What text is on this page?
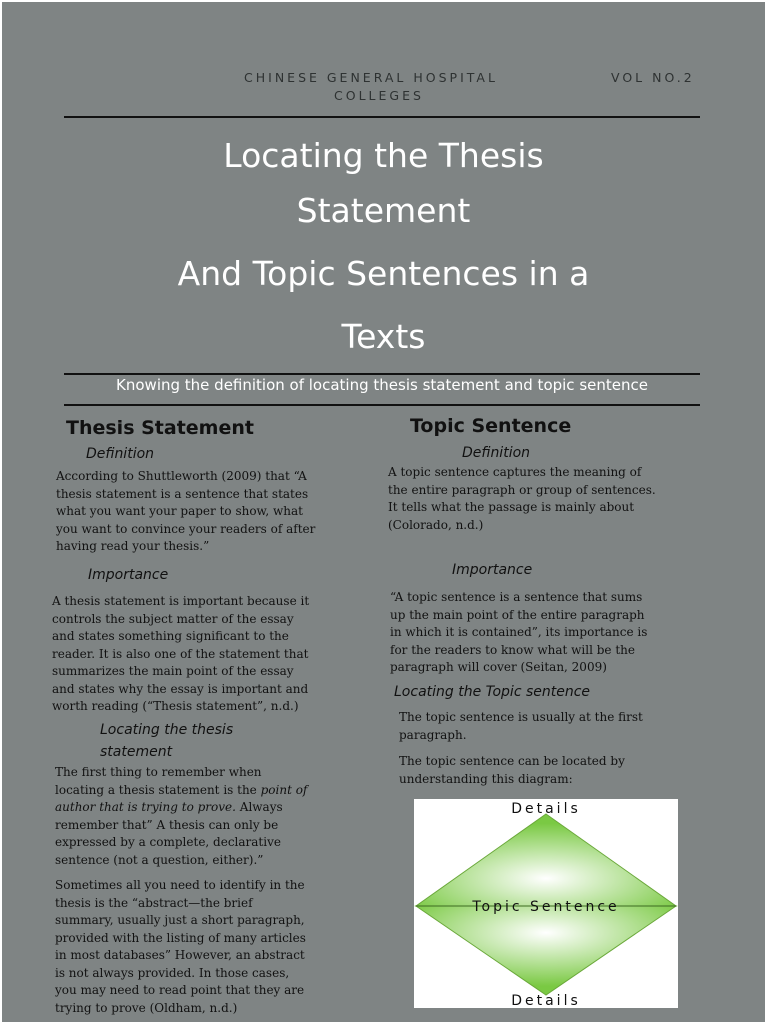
CHINESE GENERAL HOSPITAL
COLLEGES
VOL NO.2
Locating the Thesis
Statement
And Topic Sentences in a
Texts
Knowing the definition of locating thesis statement and topic sentence
Thesis Statement
Definition
According to Shuttleworth (2009) that “A
thesis statement is a sentence that states
what you want your paper to show, what
you want to convince your readers of after
having read your thesis.”
Importance
A thesis statement is important because it
controls the subject matter of the essay
and states something significant to the
reader. It is also one of the statement that
summarizes the main point of the essay
and states why the essay is important and
worth reading (“Thesis statement”, n.d.)
Locating the thesis
statement
The first thing to remember when
locating a thesis statement is the point of
author that is trying to prove. Always
remember that” A thesis can only be
expressed by a complete, declarative
sentence (not a question, either).”
Sometimes all you need to identify in the
thesis is the “abstract—the brief
summary, usually just a short paragraph,
provided with the listing of many articles
in most databases” However, an abstract
is not always provided. In those cases,
you may need to read point that they are
trying to prove (Oldham, n.d.)
Topic Sentence
Definition
A topic sentence captures the meaning of
the entire paragraph or group of sentences.
It tells what the passage is mainly about
(Colorado, n.d.)
Importance
“A topic sentence is a sentence that sums
up the main point of the entire paragraph
in which it is contained”, its importance is
for the readers to know what will be the
paragraph will cover (Seitan, 2009)
Locating the Topic sentence
The topic sentence is usually at the first
paragraph.
The topic sentence can be located by
understanding this diagram:
Details
Topic Sentence
Details
